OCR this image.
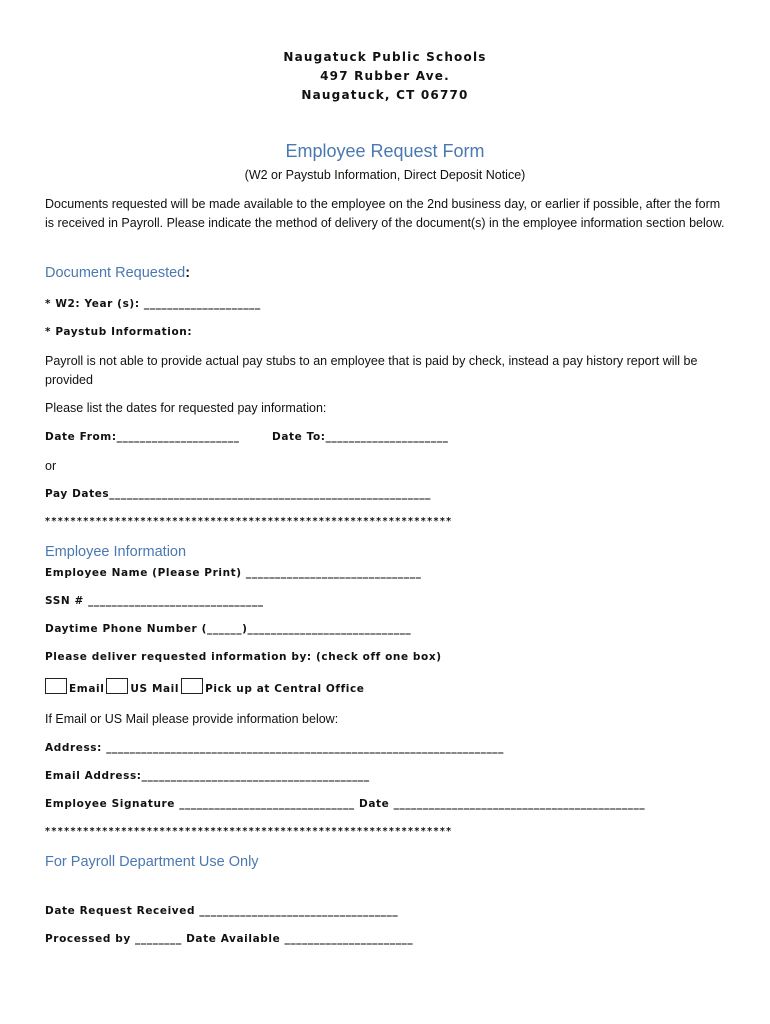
Naugatuck Public Schools
497 Rubber Ave.
Naugatuck, CT 06770
Employee Request Form
(W2 or Paystub Information, Direct Deposit Notice)
Documents requested will be made available to the employee on the 2nd business day, or earlier if possible, after the form is received in Payroll. Please indicate the method of delivery of the document(s) in the employee information section below.
Document Requested:
* W2: Year (s): ____________________
* Paystub Information:
Payroll is not able to provide actual pay stubs to an employee that is paid by check, instead a pay history report will be provided
Please list the dates for requested pay information:
Date From:_____________________	Date To:_____________________
or
Pay Dates_______________________________________________________
****************************************************************
Employee Information
Employee Name (Please Print) ______________________________
SSN # ______________________________
Daytime Phone Number (______)____________________________
Please deliver requested information by: (check off one box)
Email US Mail Pick up at Central Office
If Email or US Mail please provide information below:
Address: ____________________________________________________________________
Email Address:_______________________________________
Employee Signature ______________________________ Date ___________________________________________
****************************************************************
For Payroll Department Use Only
Date Request Received __________________________________
Processed by ________ Date Available ______________________
